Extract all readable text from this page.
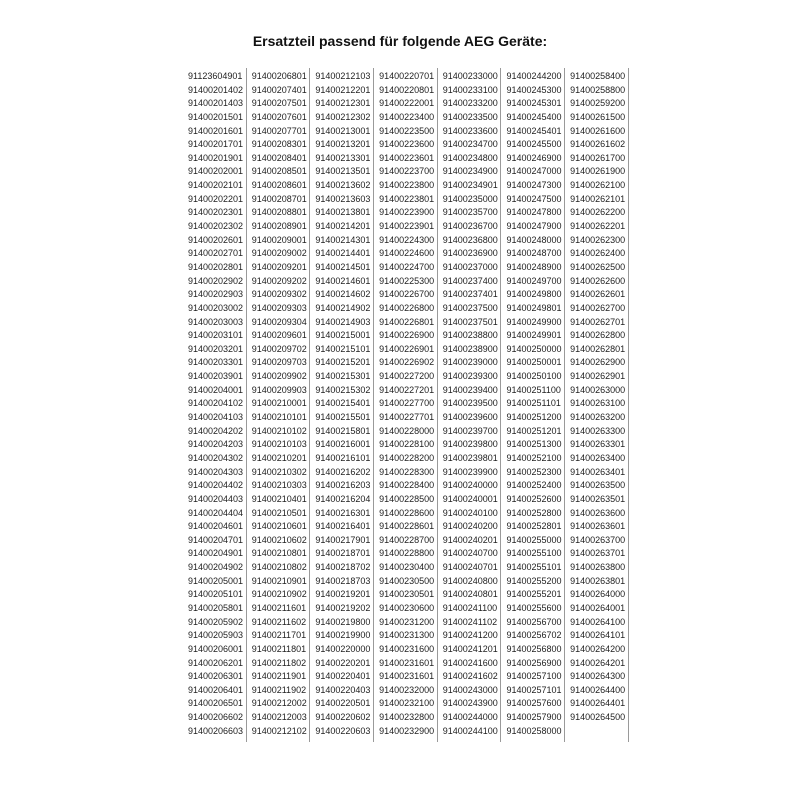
Ersatzteil passend für folgende AEG Geräte:
91123604901
91400201402
91400201403
91400201501
91400201601
91400201701
91400201901
91400202001
91400202101
91400202201
91400202301
91400202302
91400202601
91400202701
91400202801
91400202902
91400202903
91400203002
91400203003
91400203101
91400203201
91400203301
91400203901
91400204001
91400204102
91400204103
91400204202
91400204203
91400204302
91400204303
91400204402
91400204403
91400204404
91400204601
91400204701
91400204901
91400204902
91400205001
91400205101
91400205801
91400205902
91400205903
91400206001
91400206201
91400206301
91400206401
91400206501
91400206602
91400206603
91400206801
91400207401
91400207501
91400207601
91400207701
91400208301
91400208401
91400208501
91400208601
91400208701
91400208801
91400208901
91400209001
91400209002
91400209201
91400209202
91400209302
91400209303
91400209304
91400209601
91400209702
91400209703
91400209902
91400209903
91400210001
91400210101
91400210102
91400210103
91400210201
91400210302
91400210303
91400210401
91400210501
91400210601
91400210602
91400210801
91400210802
91400210901
91400210902
91400211601
91400211602
91400211701
91400211801
91400211802
91400211901
91400211902
91400212002
91400212003
91400212102
91400212103
91400212201
91400212301
91400212302
91400213001
91400213201
91400213301
91400213501
91400213602
91400213603
91400213801
91400214201
91400214301
91400214401
91400214501
91400214601
91400214602
91400214902
91400214903
91400215001
91400215101
91400215201
91400215301
91400215302
91400215401
91400215501
91400215801
91400216001
91400216101
91400216202
91400216203
91400216204
91400216301
91400216401
91400217901
91400218701
91400218702
91400218703
91400219201
91400219202
91400219800
91400219900
91400220000
91400220201
91400220401
91400220403
91400220501
91400220602
91400220603
91400220701
91400220801
91400222001
91400223400
91400223500
91400223600
91400223601
91400223700
91400223800
91400223801
91400223900
91400223901
91400224300
91400224600
91400224700
91400225300
91400226700
91400226800
91400226801
91400226900
91400226901
91400226902
91400227200
91400227201
91400227700
91400227701
91400228000
91400228100
91400228200
91400228300
91400228400
91400228500
91400228600
91400228601
91400228700
91400228800
91400230400
91400230500
91400230501
91400230600
91400231200
91400231300
91400231600
91400231601
91400231601
91400232000
91400232100
91400232800
91400232900
91400233000
91400233100
91400233200
91400233500
91400233600
91400234700
91400234800
91400234900
91400234901
91400235000
91400235700
91400236700
91400236800
91400236900
91400237000
91400237400
91400237401
91400237500
91400237501
91400238800
91400238900
91400239000
91400239300
91400239400
91400239500
91400239600
91400239700
91400239800
91400239801
91400239900
91400240000
91400240001
91400240100
91400240200
91400240201
91400240700
91400240701
91400240800
91400240801
91400241100
91400241102
91400241200
91400241201
91400241600
91400241602
91400243000
91400243900
91400244000
91400244100
91400244200
91400245300
91400245301
91400245400
91400245401
91400245500
91400246900
91400247000
91400247300
91400247500
91400247800
91400247900
91400248000
91400248700
91400248900
91400249700
91400249800
91400249801
91400249900
91400249901
91400250000
91400250001
91400250100
91400251100
91400251101
91400251200
91400251201
91400251300
91400252100
91400252300
91400252400
91400252600
91400252800
91400252801
91400255000
91400255100
91400255101
91400255200
91400255201
91400255600
91400256700
91400256702
91400256800
91400256900
91400257100
91400257101
91400257600
91400257900
91400258000
91400258400
91400258800
91400259200
91400261500
91400261600
91400261602
91400261700
91400261900
91400262100
91400262101
91400262200
91400262201
91400262300
91400262400
91400262500
91400262600
91400262601
91400262700
91400262701
91400262800
91400262801
91400262900
91400262901
91400263000
91400263100
91400263200
91400263300
91400263301
91400263400
91400263401
91400263500
91400263501
91400263600
91400263601
91400263700
91400263701
91400263800
91400263801
91400264000
91400264001
91400264100
91400264101
91400264200
91400264201
91400264300
91400264400
91400264401
91400264500
